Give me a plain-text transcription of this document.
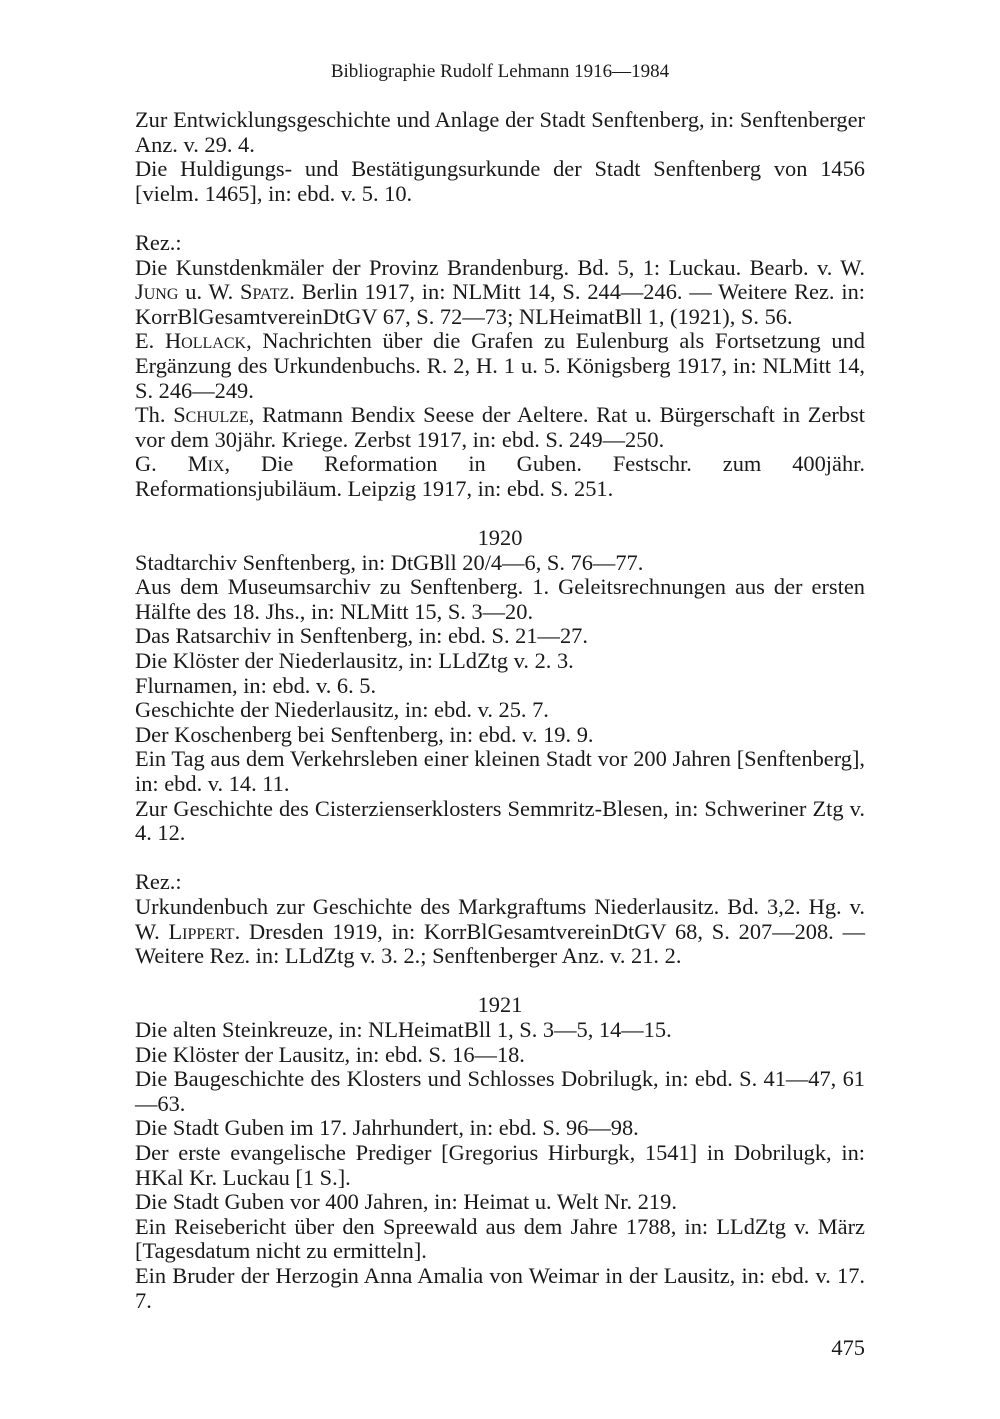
Bibliographie Rudolf Lehmann 1916—1984

Zur Entwicklungsgeschichte und Anlage der Stadt Senftenberg, in: Senftenberger Anz. v. 29. 4.

Die Huldigungs- und Bestätigungsurkunde der Stadt Senftenberg von 1456 [vielm. 1465], in: ebd. v. 5. 10.

Rez.:

Die Kunstdenkmäler der Provinz Brandenburg. Bd. 5, 1: Luckau. Bearb. v. W. Jung u. W. Spatz. Berlin 1917, in: NLMitt 14, S. 244—246. — Weitere Rez. in: KorrBlGesamtvereinDtGV 67, S. 72—73; NLHeimatBll 1, (1921), S. 56.

E. Hollack, Nachrichten über die Grafen zu Eulenburg als Fortsetzung und Ergänzung des Urkundenbuchs. R. 2, H. 1 u. 5. Königsberg 1917, in: NLMitt 14, S. 246—249.

Th. Schulze, Ratmann Bendix Seese der Aeltere. Rat u. Bürgerschaft in Zerbst vor dem 30jähr. Kriege. Zerbst 1917, in: ebd. S. 249—250.

G. Mix, Die Reformation in Guben. Festschr. zum 400jähr. Reformationsjubiläum. Leipzig 1917, in: ebd. S. 251.

1920

Stadtarchiv Senftenberg, in: DtGBll 20/4—6, S. 76—77.

Aus dem Museumsarchiv zu Senftenberg. 1. Geleitsrechnungen aus der ersten Hälfte des 18. Jhs., in: NLMitt 15, S. 3—20.

Das Ratsarchiv in Senftenberg, in: ebd. S. 21—27.

Die Klöster der Niederlausitz, in: LLdZtg v. 2. 3.

Flurnamen, in: ebd. v. 6. 5.

Geschichte der Niederlausitz, in: ebd. v. 25. 7.

Der Koschenberg bei Senftenberg, in: ebd. v. 19. 9.

Ein Tag aus dem Verkehrsleben einer kleinen Stadt vor 200 Jahren [Senftenberg], in: ebd. v. 14. 11.

Zur Geschichte des Cisterzienserklosters Semmritz-Blesen, in: Schweriner Ztg v. 4. 12.

Rez.:

Urkundenbuch zur Geschichte des Markgraftums Niederlausitz. Bd. 3,2. Hg. v. W. Lippert. Dresden 1919, in: KorrBlGesamtvereinDtGV 68, S. 207—208. — Weitere Rez. in: LLdZtg v. 3. 2.; Senftenberger Anz. v. 21. 2.

1921

Die alten Steinkreuze, in: NLHeimatBll 1, S. 3—5, 14—15.

Die Klöster der Lausitz, in: ebd. S. 16—18.

Die Baugeschichte des Klosters und Schlosses Dobrilugk, in: ebd. S. 41—47, 61—63.

Die Stadt Guben im 17. Jahrhundert, in: ebd. S. 96—98.

Der erste evangelische Prediger [Gregorius Hirburgk, 1541] in Dobrilugk, in: HKal Kr. Luckau [1 S.].

Die Stadt Guben vor 400 Jahren, in: Heimat u. Welt Nr. 219.

Ein Reisebericht über den Spreewald aus dem Jahre 1788, in: LLdZtg v. März [Tagesdatum nicht zu ermitteln].

Ein Bruder der Herzogin Anna Amalia von Weimar in der Lausitz, in: ebd. v. 17. 7.

475
